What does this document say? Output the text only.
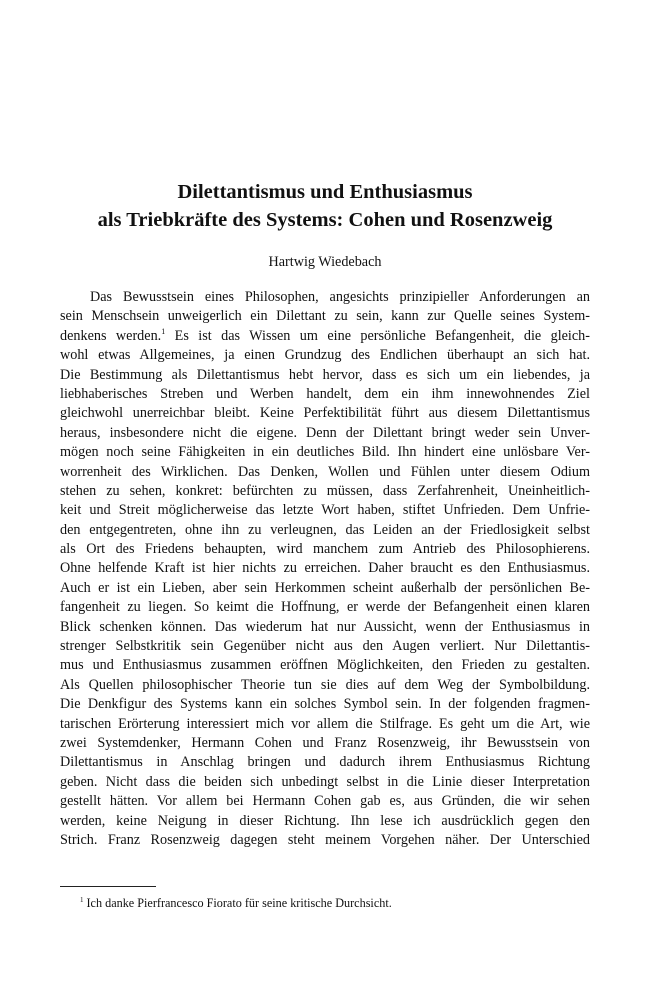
Dilettantismus und Enthusiasmus
als Triebkräfte des Systems: Cohen und Rosenzweig

Hartwig Wiedebach

Das Bewusstsein eines Philosophen, angesichts prinzipieller Anforderungen an
sein Menschsein unweigerlich ein Dilettant zu sein, kann zur Quelle seines System-
denkens werden.$^1$ Es ist das Wissen um eine persönliche Befangenheit, die gleich-
wohl etwas Allgemeines, ja einen Grundzug des Endlichen überhaupt an sich hat.
Die Bestimmung als Dilettantismus hebt hervor, dass es sich um ein liebendes, ja
liebhaberisches Streben und Werben handelt, dem ein ihm innewohnendes Ziel
gleichwohl unerreichbar bleibt. Keine Perfektibilität führt aus diesem Dilettantismus
heraus, insbesondere nicht die eigene. Denn der Dilettant bringt weder sein Unver-
mögen noch seine Fähigkeiten in ein deutliches Bild. Ihn hindert eine unlösbare Ver-
worrenheit des Wirklichen. Das Denken, Wollen und Fühlen unter diesem Odium
stehen zu sehen, konkret: befürchten zu müssen, dass Zerfahrenheit, Uneinheitlich-
keit und Streit möglicherweise das letzte Wort haben, stiftet Unfrieden. Dem Unfrie-
den entgegentreten, ohne ihn zu verleugnen, das Leiden an der Friedlosigkeit selbst
als Ort des Friedens behaupten, wird manchem zum Antrieb des Philosophierens.
Ohne helfende Kraft ist hier nichts zu erreichen. Daher braucht es den Enthusiasmus.
Auch er ist ein Lieben, aber sein Herkommen scheint außerhalb der persönlichen Be-
fangenheit zu liegen. So keimt die Hoffnung, er werde der Befangenheit einen klaren
Blick schenken können. Das wiederum hat nur Aussicht, wenn der Enthusiasmus in
strenger Selbstkritik sein Gegenüber nicht aus den Augen verliert. Nur Dilettantis-
mus und Enthusiasmus zusammen eröffnen Möglichkeiten, den Frieden zu gestalten.
Als Quellen philosophischer Theorie tun sie dies auf dem Weg der Symbolbildung.
Die Denkfigur des Systems kann ein solches Symbol sein. In der folgenden fragmen-
tarischen Erörterung interessiert mich vor allem die Stilfrage. Es geht um die Art, wie
zwei Systemdenker, Hermann Cohen und Franz Rosenzweig, ihr Bewusstsein von
Dilettantismus in Anschlag bringen und dadurch ihrem Enthusiasmus Richtung
geben. Nicht dass die beiden sich unbedingt selbst in die Linie dieser Interpretation
gestellt hätten. Vor allem bei Hermann Cohen gab es, aus Gründen, die wir sehen
werden, keine Neigung in dieser Richtung. Ihn lese ich ausdrücklich gegen den
Strich. Franz Rosenzweig dagegen steht meinem Vorgehen näher. Der Unterschied

$^1$ Ich danke Pierfrancesco Fiorato für seine kritische Durchsicht.
